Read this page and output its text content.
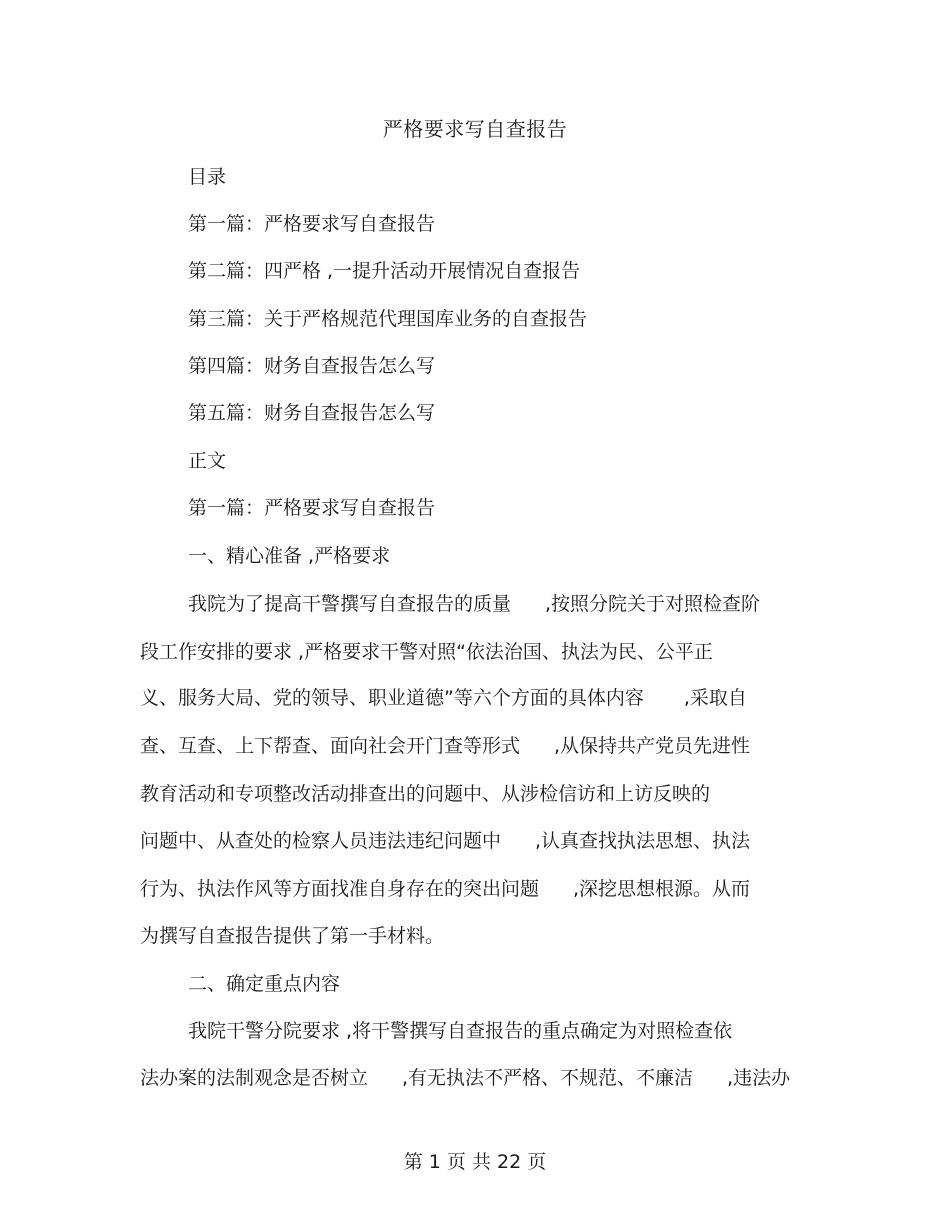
严格要求写自查报告
目录
第一篇：严格要求写自查报告
第二篇：四严格 ,一提升活动开展情况自查报告
第三篇：关于严格规范代理国库业务的自查报告
第四篇：财务自查报告怎么写
第五篇：财务自查报告怎么写
正文
第一篇：严格要求写自查报告
一、精心准备 ,严格要求
我院为了提高干警撰写自查报告的质量 ,按照分院关于对照检查阶
段工作安排的要求 ,严格要求干警对照“依法治国、执法为民、公平正
义、服务大局、党的领导、职业道德”等六个方面的具体内容 ,采取自
查、互查、上下帮查、面向社会开门查等形式 ,从保持共产党员先进性
教育活动和专项整改活动排查出的问题中、从涉检信访和上访反映的
问题中、从查处的检察人员违法违纪问题中 ,认真查找执法思想、执法
行为、执法作风等方面找准自身存在的突出问题 ,深挖思想根源。从而
为撰写自查报告提供了第一手材料。
二、确定重点内容
我院干警分院要求 ,将干警撰写自查报告的重点确定为对照检查依
法办案的法制观念是否树立 ,有无执法不严格、不规范、不廉洁 ,违法办
第 1 页 共 22 页
